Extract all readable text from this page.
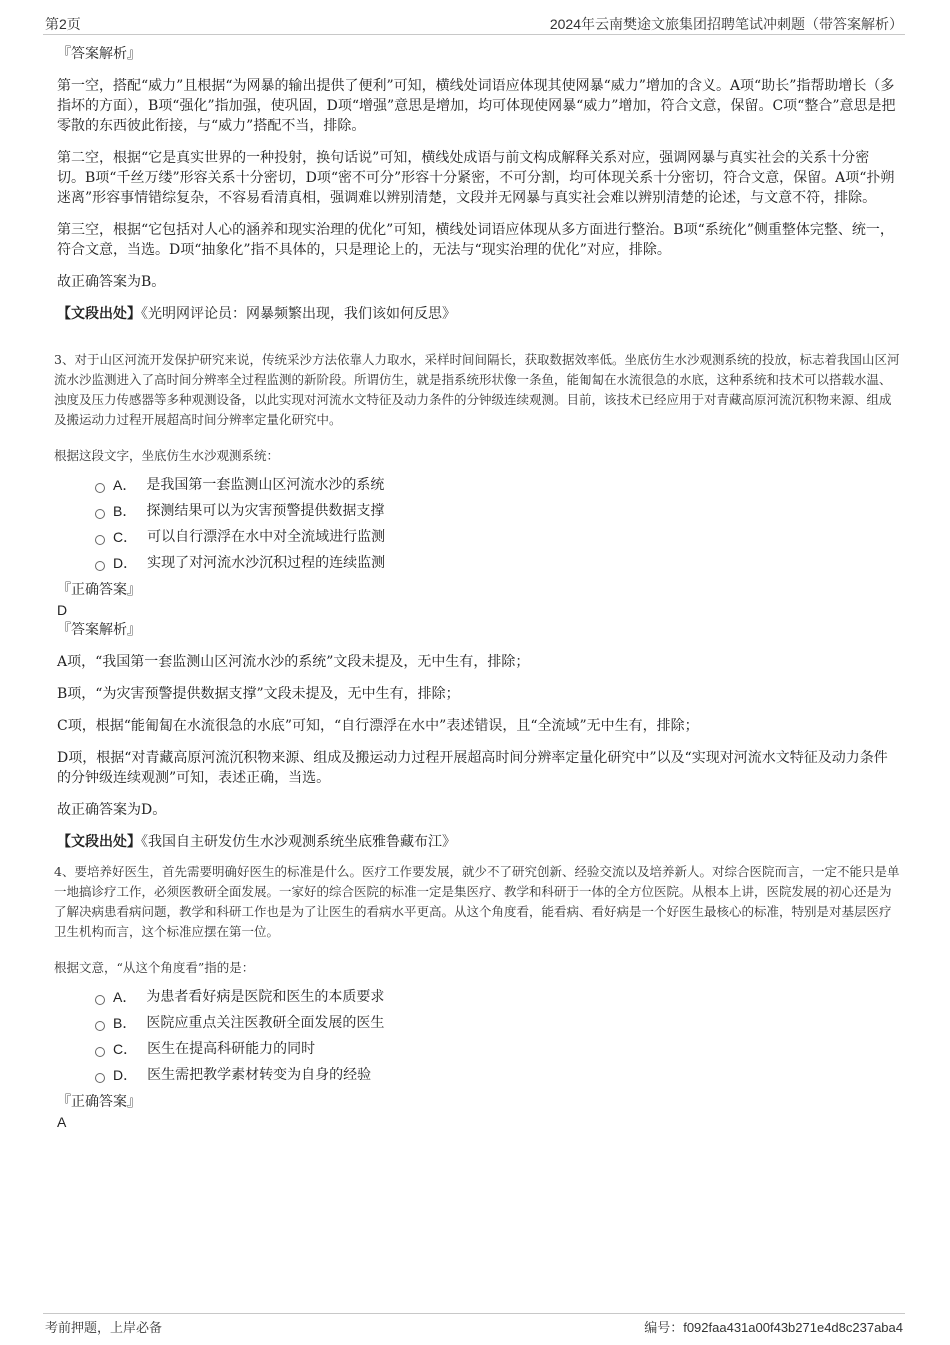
第2页	2024年云南樊途文旅集团招聘笔试冲刺题（带答案解析）

『答案解析』

第一空，搭配“威力”且根据“为网暴的输出提供了便利”可知，横线处词语应体现其使网暴“威力”增加的含义。A项“助长”指帮助增长（多指坏的方面），B项“强化”指加强，使巩固，D项“增强”意思是增加，均可体现使网暴“威力”增加，符合文意，保留。C项“整合”意思是把零散的东西彼此衔接，与“威力”搭配不当，排除。

第二空，根据“它是真实世界的一种投射，换句话说”可知，横线处成语与前文构成解释关系对应，强调网暴与真实社会的关系十分密切。B项“千丝万缕”形容关系十分密切，D项“密不可分”形容十分紧密，不可分割，均可体现关系十分密切，符合文意，保留。A项“扑朔迷离”形容事情错综复杂，不容易看清真相，强调难以辨别清楚，文段并无网暴与真实社会难以辨别清楚的论述，与文意不符，排除。

第三空，根据“它包括对人心的涵养和现实治理的优化”可知，横线处词语应体现从多方面进行整治。B项“系统化”侧重整体完整、统一，符合文意，当选。D项“抽象化”指不具体的，只是理论上的，无法与“现实治理的优化”对应，排除。

故正确答案为B。

【文段出处】《光明网评论员：网暴频繁出现，我们该如何反思》

3、对于山区河流开发保护研究来说，传统采沙方法依靠人力取水，采样时间间隔长，获取数据效率低。坐底仿生水沙观测系统的投放，标志着我国山区河流水沙监测进入了高时间分辨率全过程监测的新阶段。所谓仿生，就是指系统形状像一条鱼，能匍匐在水流很急的水底，这种系统和技术可以搭载水温、浊度及压力传感器等多种观测设备，以此实现对河流水文特征及动力条件的分钟级连续观测。目前，该技术已经应用于对青藏高原河流沉积物来源、组成及搬运动力过程开展超高时间分辨率定量化研究中。

根据这段文字，坐底仿生水沙观测系统：

A． 是我国第一套监测山区河流水沙的系统
B． 探测结果可以为灾害预警提供数据支撑
C． 可以自行漂浮在水中对全流域进行监测
D． 实现了对河流水沙沉积过程的连续监测

『正确答案』

D

『答案解析』

A项，“我国第一套监测山区河流水沙的系统”文段未提及，无中生有，排除；

B项，“为灾害预警提供数据支撑”文段未提及，无中生有，排除；

C项，根据“能匍匐在水流很急的水底”可知，“自行漂浮在水中”表述错误，且“全流域”无中生有，排除；

D项，根据“对青藏高原河流沉积物来源、组成及搬运动力过程开展超高时间分辨率定量化研究中”以及“实现对河流水文特征及动力条件的分钟级连续观测”可知，表述正确，当选。

故正确答案为D。

【文段出处】《我国自主研发仿生水沙观测系统坐底雅鲁藏布江》

4、要培养好医生，首先需要明确好医生的标准是什么。医疗工作要发展，就少不了研究创新、经验交流以及培养新人。对综合医院而言，一定不能只是单一地搞诊疗工作，必须医教研全面发展。一家好的综合医院的标准一定是集医疗、教学和科研于一体的全方位医院。从根本上讲，医院发展的初心还是为了解决病患看病问题，教学和科研工作也是为了让医生的看病水平更高。从这个角度看，能看病、看好病是一个好医生最核心的标准，特别是对基层医疗卫生机构而言，这个标准应摆在第一位。

根据文意，“从这个角度看”指的是：

A． 为患者看好病是医院和医生的本质要求
B． 医院应重点关注医教研全面发展的医生
C． 医生在提高科研能力的同时
D． 医生需把教学素材转变为自身的经验

『正确答案』

A
考前押题，上岸必备	编号：f092faa431a00f43b271e4d8c237aba4
